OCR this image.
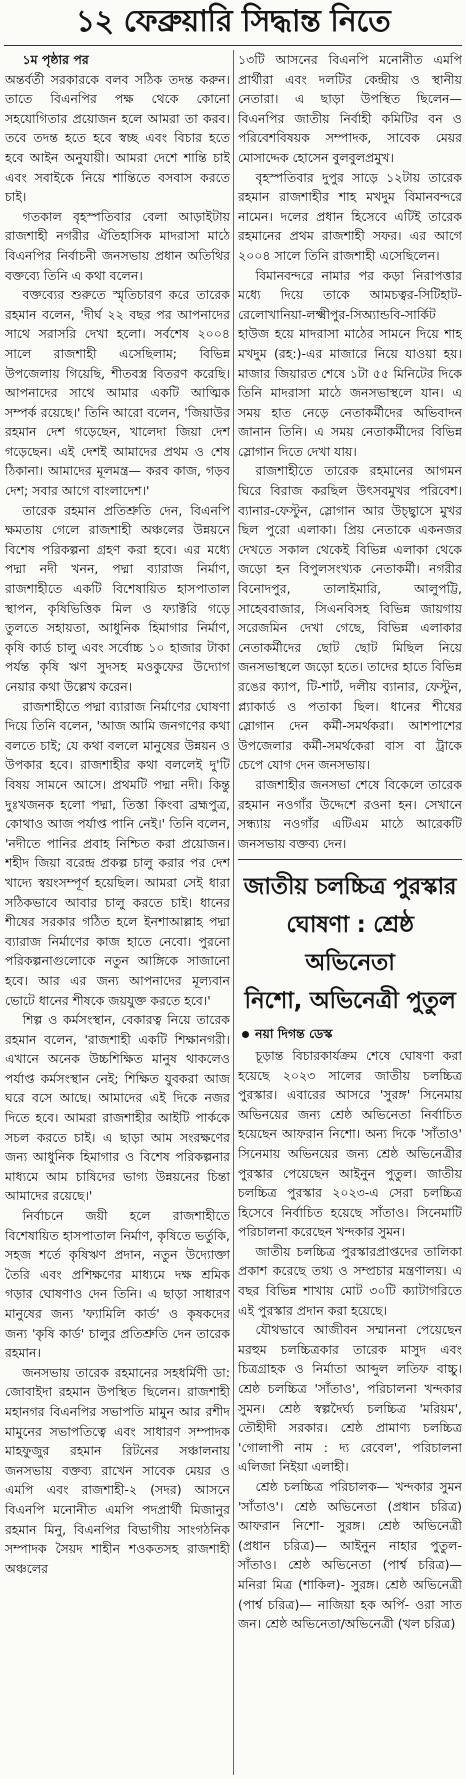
১২ ফেব্রুয়ারি সিদ্ধান্ত নিতে

১ম পৃষ্ঠার পর

অন্তর্বর্তী সরকারকে বলব সঠিক তদন্ত করুন। তাতে বিএনপির পক্ষ থেকে কোনো সহযোগিতার প্রয়োজন হলে আমরা তা করব। তবে তদন্ত হতে হবে স্বচ্ছ এবং বিচার হতে হবে আইন অনুযায়ী। আমরা দেশে শান্তি চাই এবং সবাইকে নিয়ে শান্তিতে বসবাস করতে চাই।

গতকাল বৃহস্পতিবার বেলা আড়াইটায় রাজশাহী নগরীর ঐতিহাসিক মাদরাসা মাঠে বিএনপির নির্বাচনী জনসভায় প্রধান অতিথির বক্তব্যে তিনি এ কথা বলেন।

বক্তব্যের শুরুতে স্মৃতিচারণ করে তারেক রহমান বলেন, 'দীর্ঘ ২২ বছর পর আপনাদের সাথে সরাসরি দেখা হলো। সর্বশেষ ২০০৪ সালে রাজশাহী এসেছিলাম; বিভিন্ন উপজেলায় গিয়েছি, শীতবস্ত্র বিতরণ করেছি। আপনাদের সাথে আমার একটি আত্মিক সম্পর্ক রয়েছে।' তিনি আরো বলেন, 'জিয়াউর রহমান দেশ গড়েছেন, খালেদা জিয়া দেশ গড়েছেন। এই দেশই আমাদের প্রথম ও শেষ ঠিকানা। আমাদের মূলমন্ত্র— করব কাজ, গড়ব দেশ; সবার আগে বাংলাদেশ।'

তারেক রহমান প্রতিশ্রুতি দেন, বিএনপি ক্ষমতায় গেলে রাজশাহী অঞ্চলের উন্নয়নে বিশেষ পরিকল্পনা গ্রহণ করা হবে। এর মধ্যে পদ্মা নদী খনন, পদ্মা ব্যারাজ নির্মাণ, রাজশাহীতে একটি বিশেষায়িত হাসপাতাল স্থাপন, কৃষিভিত্তিক মিল ও ফ্যাক্টরি গড়ে তুলতে সহায়তা, আধুনিক হিমাগার নির্মাণ, কৃষি কার্ড চালু এবং সর্বোচ্চ ১০ হাজার টাকা পর্যন্ত কৃষি ঋণ সুদসহ মওকুফের উদ্যোগ নেয়ার কথা উল্লেখ করেন।

রাজশাহীতে পদ্মা ব্যারাজ নির্মাণের ঘোষণা দিয়ে তিনি বলেন, 'আজ আমি জনগণের কথা বলতে চাই; যে কথা বললে মানুষের উন্নয়ন ও উপকার হবে। রাজশাহীর কথা বললেই দু'টি বিষয় সামনে আসে। প্রথমটি পদ্মা নদী। কিন্তু দুঃখজনক হলো পদ্মা, তিস্তা কিংবা ব্রহ্মপুত্র, কোথাও আজ পর্যাপ্ত পানি নেই।' তিনি বলেন, 'নদীতে পানির প্রবাহ নিশ্চিত করা প্রয়োজন। শহীদ জিয়া বরেন্দ্র প্রকল্প চালু করার পর দেশ খাদ্যে স্বয়ংসম্পূর্ণ হয়েছিল। আমরা সেই ধারা সঠিকভাবে আবার চালু করতে চাই। ধানের শীষের সরকার গঠিত হলে ইনশাআল্লাহ পদ্মা ব্যারাজ নির্মাণের কাজ হাতে নেবো। পুরনো পরিকল্পনাগুলোকে নতুন আঙ্গিকে সাজানো হবে। আর এর জন্য আপনাদের মূল্যবান ভোটে ধানের শীষকে জয়যুক্ত করতে হবে।'

শিল্প ও কর্মসংস্থান, বেকারত্ব নিয়ে তারেক রহমান বলেন, 'রাজশাহী একটি শিক্ষানগরী। এখানে অনেক উচ্চশিক্ষিত মানুষ থাকলেও পর্যাপ্ত কর্মসংস্থান নেই; শিক্ষিত যুবকরা আজ ঘরে বসে আছে। আমাদের এই দিকে নজর দিতে হবে। আমরা রাজশাহীর আইটি পার্ককে সচল করতে চাই। এ ছাড়া আম সংরক্ষণের জন্য আধুনিক হিমাগার ও বিশেষ পরিকল্পনার মাধ্যমে আম চাষিদের ভাগ্য উন্নয়নের চিন্তা আমাদের রয়েছে।'

নির্বাচনে জয়ী হলে রাজশাহীতে বিশেষায়িত হাসপাতাল নির্মাণ, কৃষিতে ভর্তুকি, সহজ শর্তে কৃষিঋণ প্রদান, নতুন উদ্যোক্তা তৈরি এবং প্রশিক্ষণের মাধ্যমে দক্ষ শ্রমিক গড়ার ঘোষণাও দেন তিনি। এ ছাড়া সাধারণ মানুষের জন্য 'ফ্যামিলি কার্ড' ও কৃষকদের জন্য 'কৃষি কার্ড' চালুর প্রতিশ্রুতি দেন তারেক রহমান।

জনসভায় তারেক রহমানের সহধর্মিণী ডা: জোবাইদা রহমান উপস্থিত ছিলেন। রাজশাহী মহানগর বিএনপির সভাপতি মামুন আর রশীদ মামুনের সভাপতিত্বে এবং সাধারণ সম্পাদক মাহফুজুর রহমান রিটনের সঞ্চালনায় জনসভায় বক্তব্য রাখেন সাবেক মেয়র ও এমপি এবং রাজশাহী-২ (সদর) আসনে বিএনপি মনোনীত এমপি পদপ্রার্থী মিজানুর রহমান মিনু, বিএনপির বিভাগীয় সাংগঠনিক সম্পাদক সৈয়দ শাহীন শওকতসহ রাজশাহী অঞ্চলের

১৩টি আসনের বিএনপি মনোনীত এমপি প্রার্থীরা এবং দলটির কেন্দ্রীয় ও স্থানীয় নেতারা। এ ছাড়া উপস্থিত ছিলেন— বিএনপির জাতীয় নির্বাহী কমিটির বন ও পরিবেশবিষয়ক সম্পাদক, সাবেক মেয়র মোসাদ্দেক হোসেন বুলবুলপ্রমুখ।

বৃহস্পতিবার দুপুর সাড়ে ১২টায় তারেক রহমান রাজশাহীর শাহ মখদুম বিমানবন্দরে নামেন। দলের প্রধান হিসেবে এটিই তারেক রহমানের প্রথম রাজশাহী সফর। এর আগে ২০০৪ সালে তিনি রাজশাহী এসেছিলেন।

বিমানবন্দরে নামার পর কড়া নিরাপত্তার মধ্যে দিয়ে তাকে আমচত্বর-সিটিহাট-রেলোখানিয়া-লক্ষ্মীপুর-সিঅ্যান্ডবি-সার্কিট হাউজ হয়ে মাদরাসা মাঠের সামনে দিয়ে শাহ মখদুম (রহ:)-এর মাজারে নিয়ে যাওয়া হয়। মাজার জিয়ারত শেষে ১টা ৫৫ মিনিটের দিকে তিনি মাদরাসা মাঠে জনসভাস্থলে যান। এ সময় হাত নেড়ে নেতাকর্মীদের অভিবাদন জানান তিনি। এ সময় নেতাকর্মীদের বিভিন্ন স্লোগান দিতে দেখা যায়।

রাজশাহীতে তারেক রহমানের আগমন ঘিরে বিরাজ করছিল উৎসবমুখর পরিবেশ। ব্যানার-ফেস্টুন, স্লোগান আর উচ্ছ্বাসে মুখর ছিল পুরো এলাকা। প্রিয় নেতাকে একনজর দেখতে সকাল থেকেই বিভিন্ন এলাকা থেকে জড়ো হন বিপুলসংখ্যক নেতাকর্মী। নগরীর বিনোদপুর, তালাইমারি, আলুপট্টি, সাহেববাজার, সিএনবিসহ বিভিন্ন জায়গায় সরেজমিন দেখা গেছে, বিভিন্ন এলাকার নেতাকর্মীদের ছোট ছোট মিছিল নিয়ে জনসভাস্থলে জড়ো হতে। তাদের হাতে বিভিন্ন রঙের ক্যাপ, টি-শার্ট, দলীয় ব্যানার, ফেস্টুন, প্ল্যাকার্ড ও পতাকা ছিল। ধানের শীষের স্লোগান দেন কর্মী-সমর্থকরা। আশপাশের উপজেলার কর্মী-সমর্থকেরা বাস বা ট্রাকে চেপে যোগ দেন জনসভায়।

রাজশাহীর জনসভা শেষে বিকেলে তারেক রহমান নওগাঁর উদ্দেশে রওনা হন। সেখানে সন্ধ্যায় নওগাঁর এটিএম মাঠে আরেকটি জনসভায় বক্তব্য দেন।

জাতীয় চলচ্চিত্র পুরস্কার
ঘোষণা : শ্রেষ্ঠ অভিনেতা
নিশো, অভিনেত্রী পুতুল
নয়া দিগন্ত ডেস্ক

চূড়ান্ত বিচারকার্যক্রম শেষে ঘোষণা করা হয়েছে ২০২৩ সালের জাতীয় চলচ্চিত্র পুরস্কার। এবারের আসরে 'সুরঙ্গ' সিনেমায় অভিনয়ের জন্য শ্রেষ্ঠ অভিনেতা নির্বাচিত হয়েছেন আফরান নিশো। অন্য দিকে 'সাঁতাও' সিনেমায় অভিনয়ের জন্য শ্রেষ্ঠ অভিনেত্রীর পুরস্কার পেয়েছেন আইনুন পুতুল। জাতীয় চলচ্চিত্র পুরস্কার ২০২৩-এ সেরা চলচ্চিত্র হিসেবে নির্বাচিত হয়েছে সাঁতাও। সিনেমাটি পরিচালনা করেছেন খন্দকার সুমন।

জাতীয় চলচ্চিত্র পুরস্কারপ্রাপ্তদের তালিকা প্রকাশ করেছে তথ্য ও সম্প্রচার মন্ত্রণালয়। এ বছর বিভিন্ন শাখায় মোট ৩০টি ক্যাটাগরিতে এই পুরস্কার প্রদান করা হয়েছে।

যৌথভাবে আজীবন সম্মাননা পেয়েছেন মরহুম চলচ্চিত্রকার তারেক মাসুদ এবং চিত্রগ্রাহক ও নির্মাতা আব্দুল লতিফ বাচ্চু। শ্রেষ্ঠ চলচ্চিত্র 'সাঁতাও', পরিচালনা খন্দকার সুমন। শ্রেষ্ঠ স্বল্পদৈর্ঘ্য চলচ্চিত্র 'মরিয়ম', তৌহীদী সরকার। শ্রেষ্ঠ প্রামাণ্য চলচ্চিত্র 'গোলাপী নাম : দ্য রেবেল', পরিচালনা এলিজা নিইয়া এলাহী।

শ্রেষ্ঠ চলচ্চিত্র পরিচালক— খন্দকার সুমন 'সাঁতাও'। শ্রেষ্ঠ অভিনেতা (প্রধান চরিত্র) আফরান নিশো- সুরঙ্গ। শ্রেষ্ঠ অভিনেত্রী (প্রধান চরিত্র)— আইনুন নাহার পুতুল- সাঁতাও। শ্রেষ্ঠ অভিনেতা (পার্শ্ব চরিত্র)— মনিরা মিত্র (শাকিল)- সুরঙ্গ। শ্রেষ্ঠ অভিনেত্রী (পার্শ্ব চরিত্র)— নাজিয়া হক অর্পি- ওরা সাত জন। শ্রেষ্ঠ অভিনেতা/অভিনেত্রী (খল চরিত্র)
